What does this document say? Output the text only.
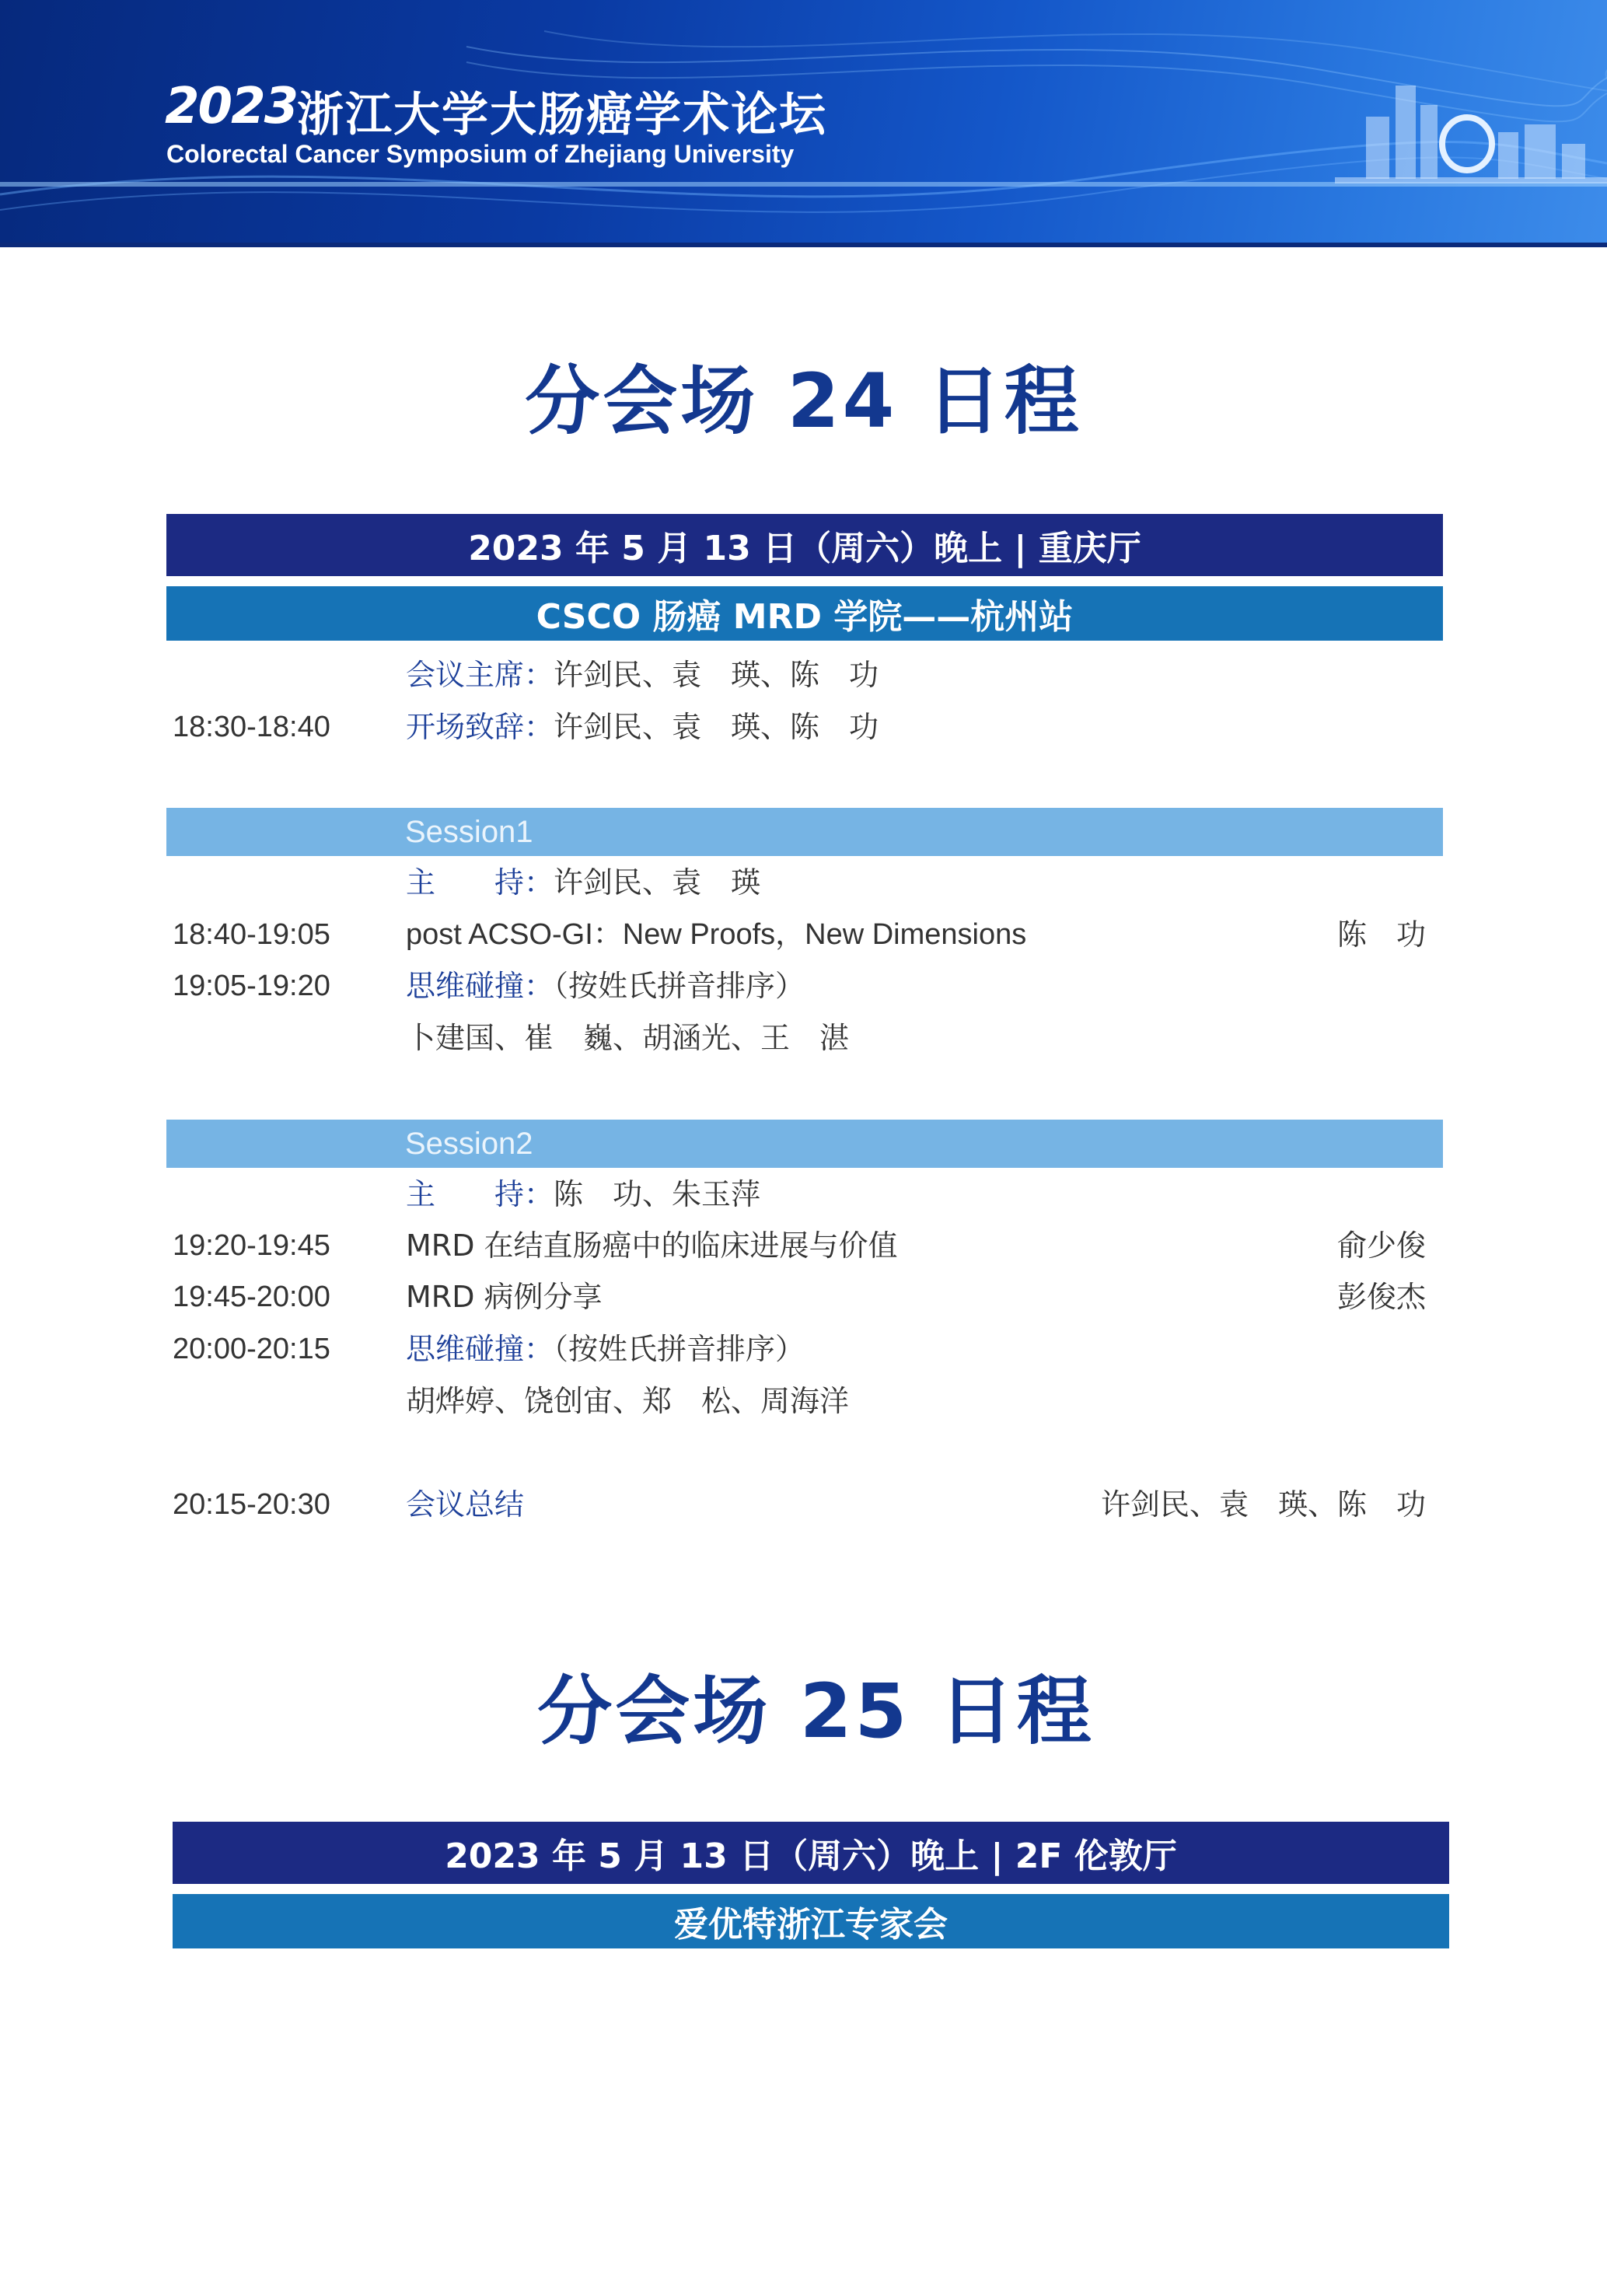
2023 浙江大学大肠癌学术论坛
Colorectal Cancer Symposium of Zhejiang University
分会场 24 日程
2023 年 5 月 13 日（周六）晚上 | 重庆厅
CSCO 肠癌 MRD 学院——杭州站
会议主席：许剑民、袁　瑛、陈　功
18:30-18:40	开场致辞：许剑民、袁　瑛、陈　功
Session1
主　　持：许剑民、袁　瑛
18:40-19:05	post ACSO-GI：New Proofs，New Dimensions	陈　功
19:05-19:20	思维碰撞：（按姓氏拼音排序）
卜建国、崔　巍、胡涵光、王　湛
Session2
主　　持：陈　功、朱玉萍
19:20-19:45	MRD 在结直肠癌中的临床进展与价值	俞少俊
19:45-20:00	MRD 病例分享	彭俊杰
20:00-20:15	思维碰撞：（按姓氏拼音排序）
胡烨婷、饶创宙、郑　松、周海洋
20:15-20:30	会议总结	许剑民、袁　瑛、陈　功
分会场 25 日程
2023 年 5 月 13 日（周六）晚上 | 2F 伦敦厅
爱优特浙江专家会
